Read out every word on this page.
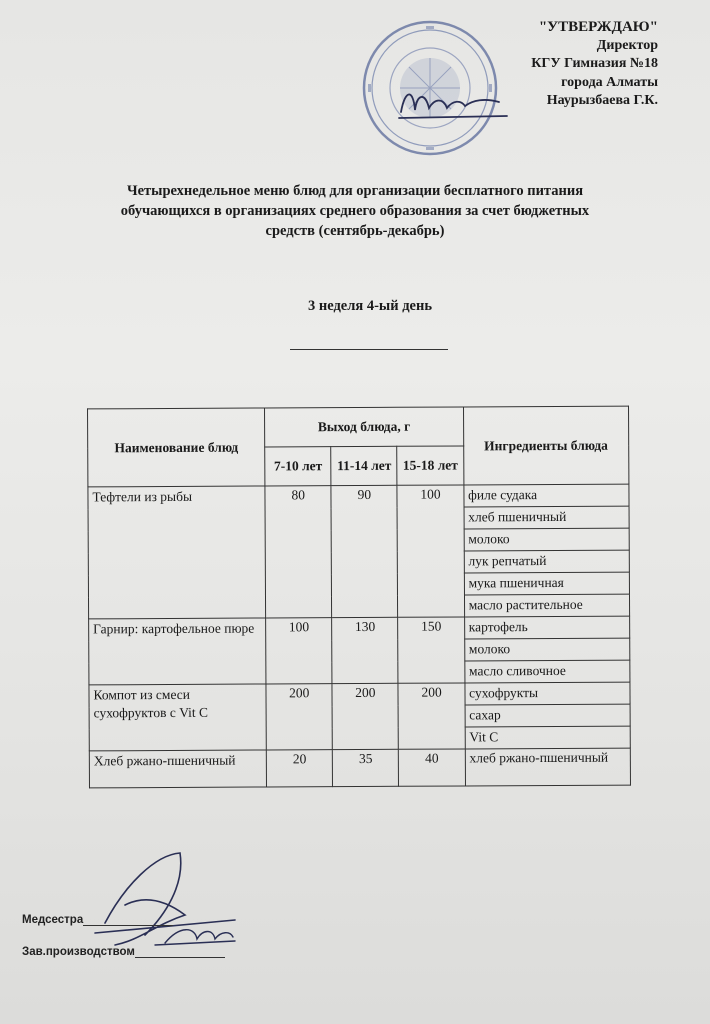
"УТВЕРЖДАЮ"
Директор
КГУ Гимназия №18
города Алматы
Наурызбаева Г.К.
Четырехнедельное меню блюд для организации бесплатного питания
обучающихся в организациях среднего образования за счет бюджетных
средств (сентябрь-декабрь)
3 неделя 4-ый день
Наименование блюд	Выход блюда, г			Ингредиенты блюда
	7-10 лет	11-14 лет	15-18 лет	
Тефтели из рыбы	80	90	100	филе судака
				хлеб пшеничный
				молоко
				лук репчатый
				мука пшеничная
				масло растительное
Гарнир: картофельное пюре	100	130	150	картофель
				молоко
				масло сливочное
Компот из смеси сухофруктов с Vit C	200	200	200	сухофрукты
				сахар
				Vit C
Хлеб ржано-пшеничный	20	35	40	хлеб ржано-пшеничный
Медсестра
Зав.производством
